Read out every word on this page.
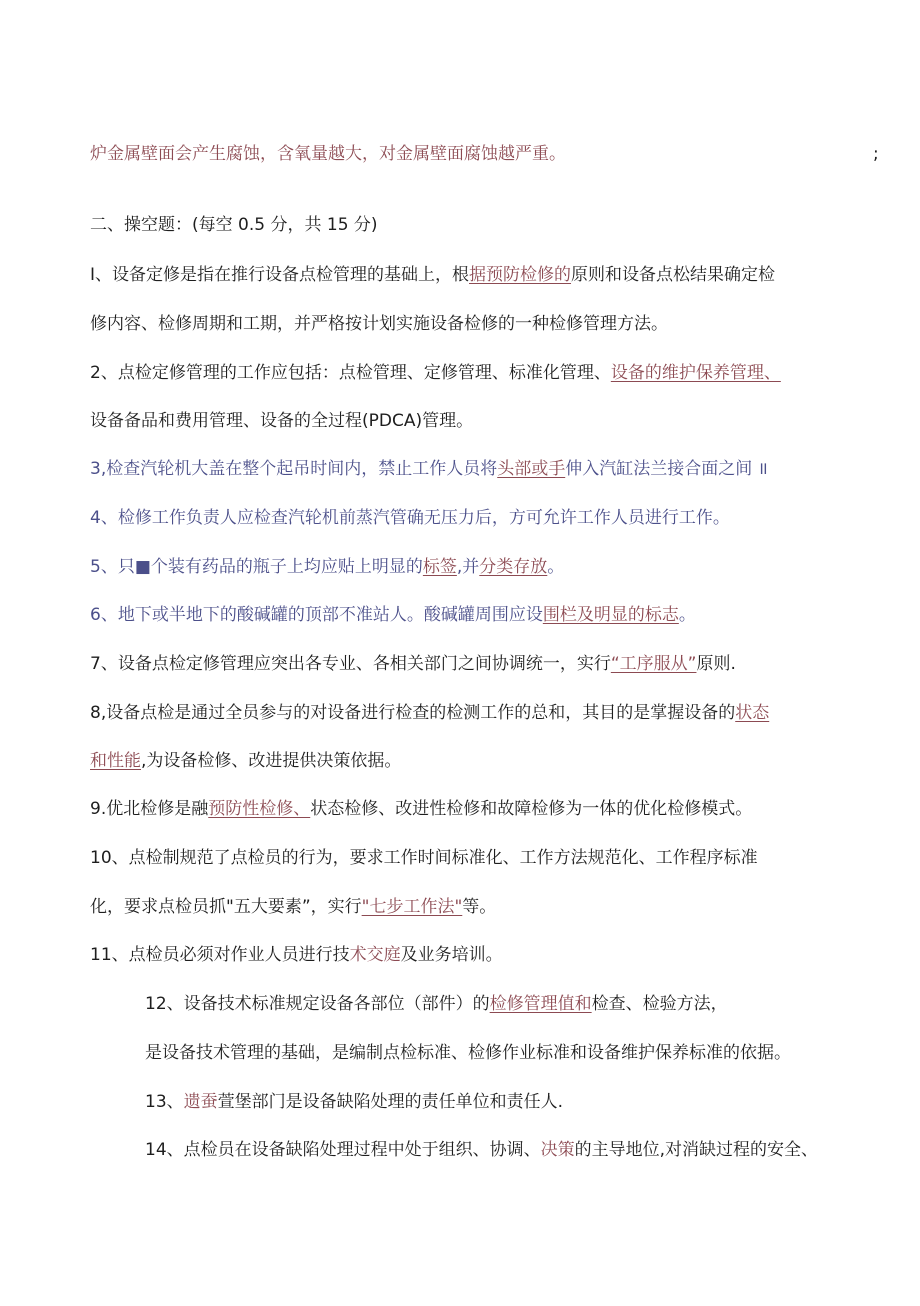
炉金属壁面会产生腐蚀，含氧量越大，对金属壁面腐蚀越严重。	;
二、操空题：(每空 0.5 分，共 15 分)
I、设备定修是指在推行设备点检管理的基础上，根据预防检修的原则和设备点松结果确定检
修内容、检修周期和工期，并严格按计划实施设备检修的一种检修管理方法。
2、点检定修管理的工作应包括：点检管理、定修管理、标准化管理、设备的维护保养管理、
设备备品和费用管理、设备的全过程(PDCA)管理。
3,检查汽轮机大盖在整个起吊时间内，禁止工作人员将头部或手伸入汽缸法兰接合面之间 ॥
4、检修工作负责人应检查汽轮机前蒸汽管确无压力后，方可允许工作人员进行工作。
5、只■个装有药品的瓶子上均应贴上明显的标签,并分类存放。
6、地下或半地下的酸碱罐的顶部不准站人。酸碱罐周围应设围栏及明显的标志。
7、设备点检定修管理应突出各专业、各相关部门之间协调统一，实行“工序服从”原则.
8,设备点检是通过全员参与的对设备进行检查的检测工作的总和，其目的是掌握设备的状态
和性能,为设备检修、改进提供决策依据。
9.优北检修是融预防性检修、状态检修、改进性检修和故障检修为一体的优化检修模式。
10、点检制规范了点检员的行为，要求工作时间标准化、工作方法规范化、工作程序标准
化，要求点检员抓"五大要素”，实行"七步工作法"等。
11、点检员必须对作业人员进行技术交庭及业务培训。
12、设备技术标准规定设备各部位（部件）的检修管理值和检查、检验方法，
是设备技术管理的基础，是编制点检标准、检修作业标准和设备维护保养标准的依据。
13、遗蚕萱堡部门是设备缺陷处理的责任单位和责任人.
14、点检员在设备缺陷处理过程中处于组织、协调、决策的主导地位,对消缺过程的安全、
